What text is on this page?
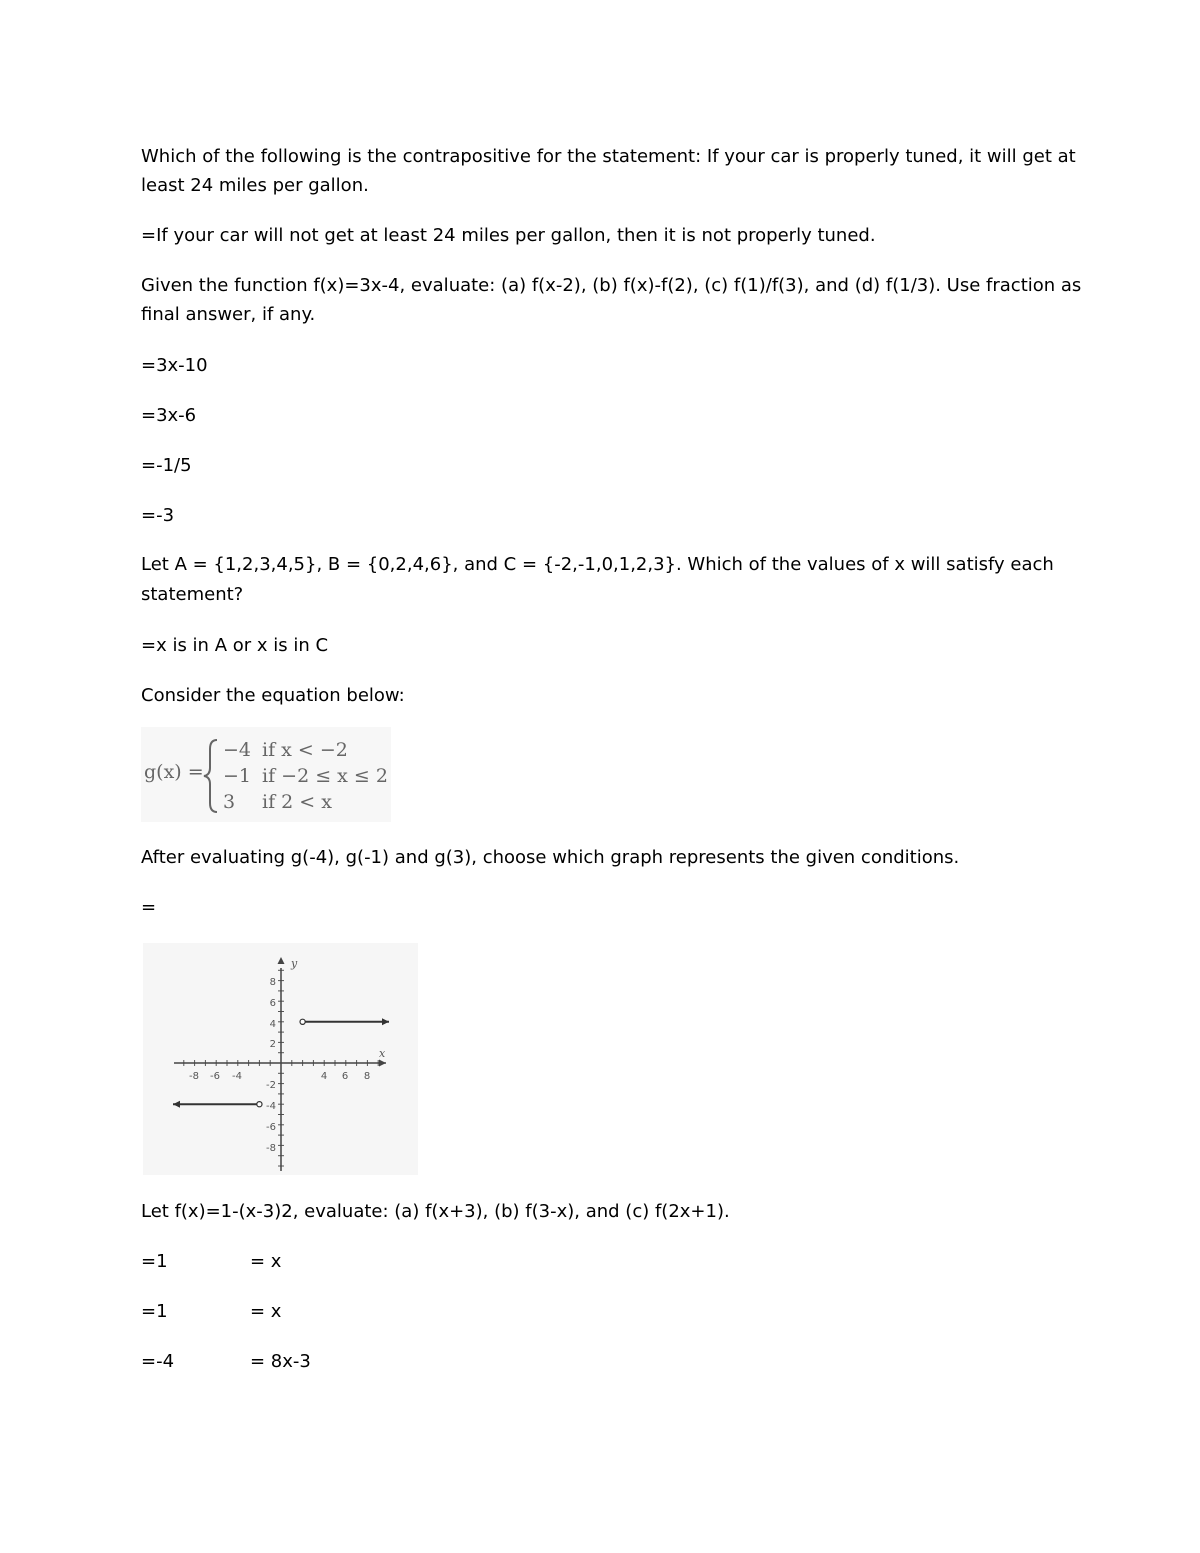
Which of the following is the contrapositive for the statement: If your car is properly tuned, it will get at
least 24 miles per gallon.
=If your car will not get at least 24 miles per gallon, then it is not properly tuned.
Given the function f(x)=3x-4, evaluate: (a) f(x-2), (b) f(x)-f(2), (c) f(1)/f(3), and (d) f(1/3). Use fraction as
final answer, if any.
=3x-10
=3x-6
=-1/5
=-3
Let A = {1,2,3,4,5}, B = {0,2,4,6}, and C = {-2,-1,0,1,2,3}. Which of the values of x will satisfy each
statement?
=x is in A or x is in C
Consider the equation below:
g(x) =
−4
−1
3
if x < −2
if −2 ≤ x ≤ 2
if 2 < x
After evaluating g(-4), g(-1) and g(3), choose which graph represents the given conditions.
=
y
x
-8 -6 -4	4 6 8
8
6
4
2
-2
-4
-6
-8
Let f(x)=1-(x-3)2, evaluate: (a) f(x+3), (b) f(3-x), and (c) f(2x+1).
=1	= x
=1	= x
=-4	= 8x-3
